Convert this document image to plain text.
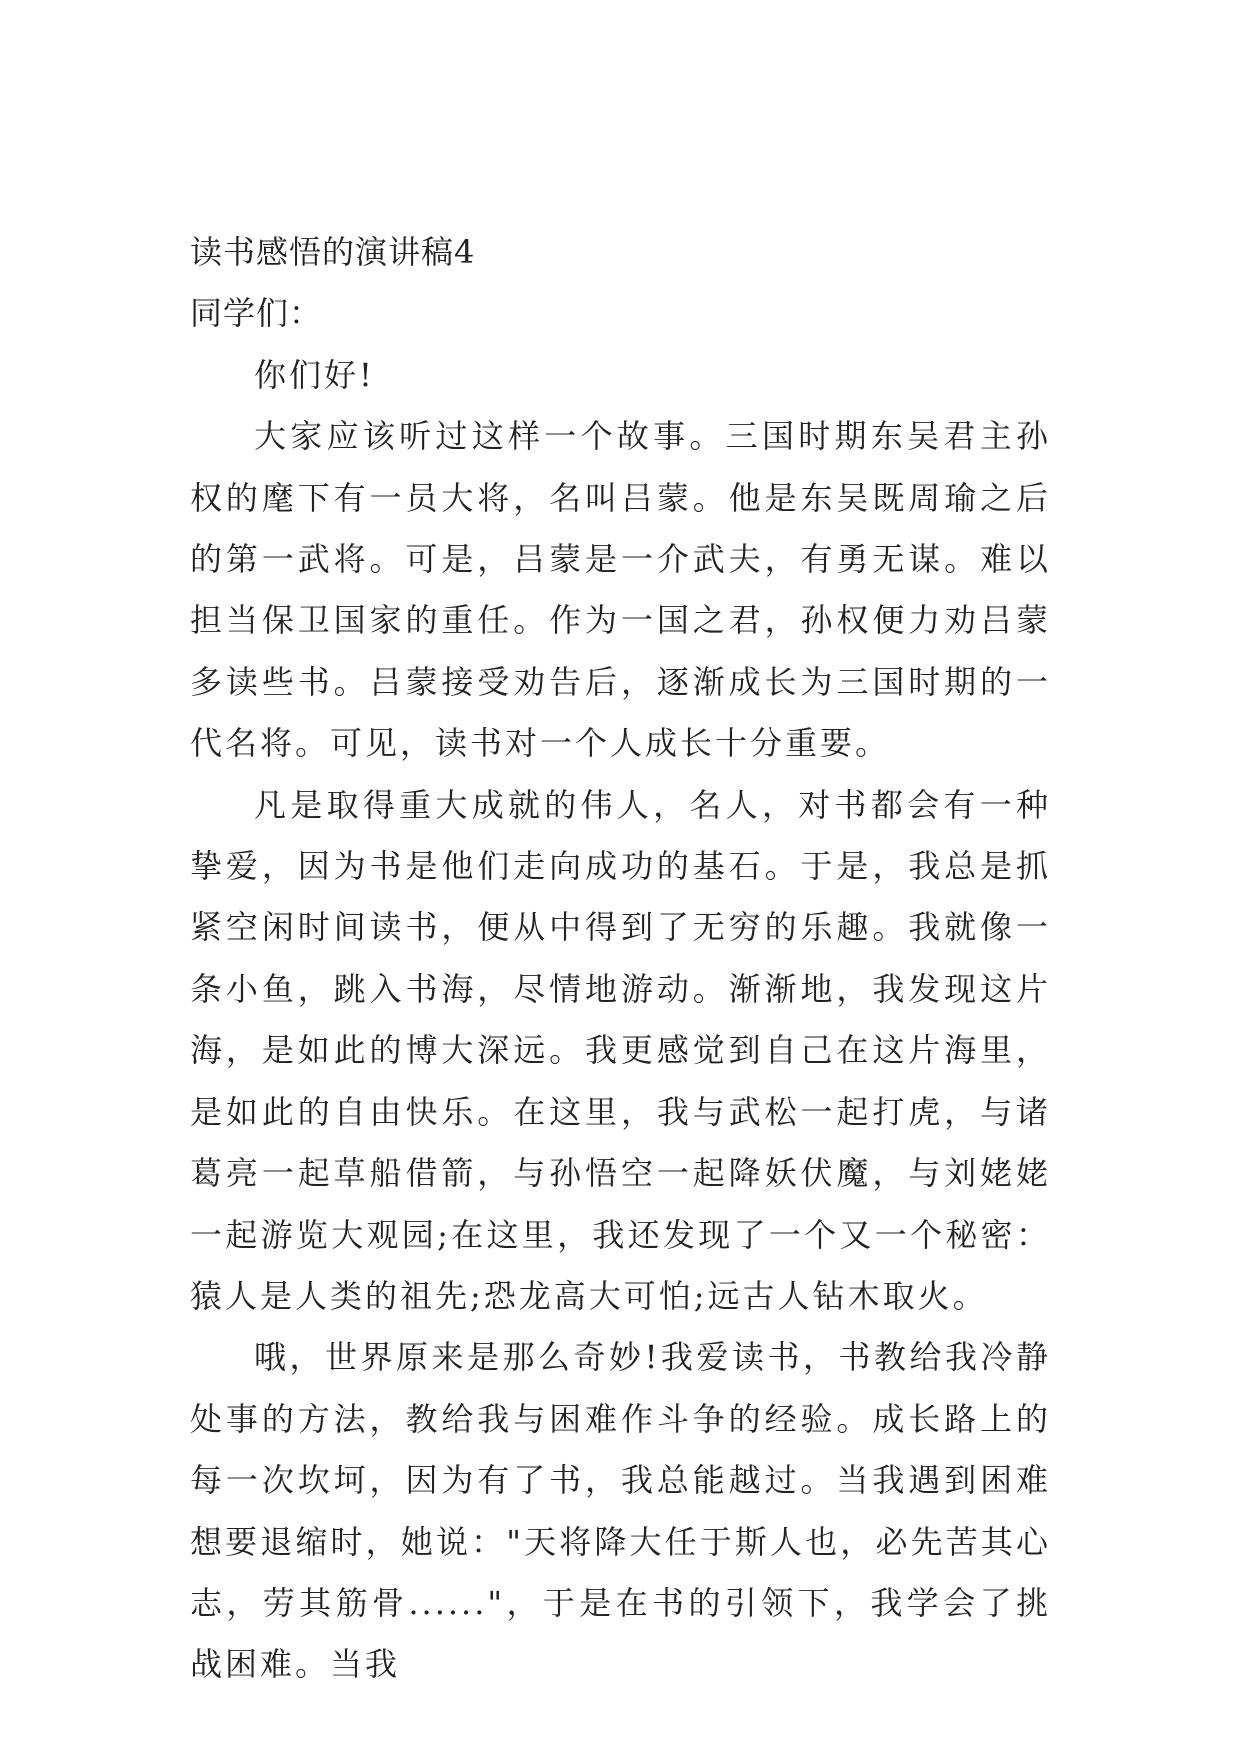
读书感悟的演讲稿4

同学们：

你们好!

大家应该听过这样一个故事。三国时期东吴君主孙权的麾下有一员大将，名叫吕蒙。他是东吴既周瑜之后的第一武将。可是，吕蒙是一介武夫，有勇无谋。难以担当保卫国家的重任。作为一国之君，孙权便力劝吕蒙多读些书。吕蒙接受劝告后，逐渐成长为三国时期的一代名将。可见，读书对一个人成长十分重要。

凡是取得重大成就的伟人，名人，对书都会有一种挚爱，因为书是他们走向成功的基石。于是，我总是抓紧空闲时间读书，便从中得到了无穷的乐趣。我就像一条小鱼，跳入书海，尽情地游动。渐渐地，我发现这片海，是如此的博大深远。我更感觉到自己在这片海里，是如此的自由快乐。在这里，我与武松一起打虎，与诸葛亮一起草船借箭，与孙悟空一起降妖伏魔，与刘姥姥一起游览大观园;在这里，我还发现了一个又一个秘密：猿人是人类的祖先;恐龙高大可怕;远古人钻木取火。

哦，世界原来是那么奇妙!我爱读书，书教给我冷静处事的方法，教给我与困难作斗争的经验。成长路上的每一次坎坷，因为有了书，我总能越过。当我遇到困难想要退缩时，她说："天将降大任于斯人也，必先苦其心志，劳其筋骨......"，于是在书的引领下，我学会了挑战困难。当我
